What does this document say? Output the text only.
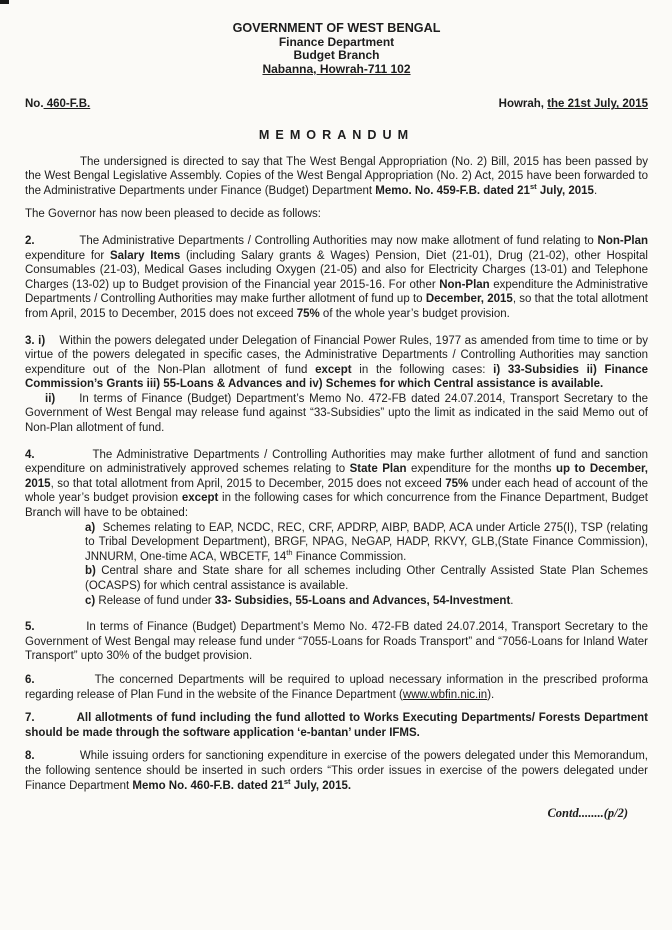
GOVERNMENT OF WEST BENGAL
Finance Department
Budget Branch
Nabanna, Howrah-711 102
No. 460-F.B.	Howrah, the 21st July, 2015
MEMORANDUM

The undersigned is directed to say that The West Bengal Appropriation (No. 2) Bill, 2015 has been passed by the West Bengal Legislative Assembly. Copies of the West Bengal Appropriation (No. 2) Act, 2015 have been forwarded to the Administrative Departments under Finance (Budget) Department Memo. No. 459-F.B. dated 21st July, 2015.

The Governor has now been pleased to decide as follows:

2.            The Administrative Departments / Controlling Authorities may now make allotment of fund relating to Non-Plan expenditure for Salary Items (including Salary grants & Wages) Pension, Diet (21-01), Drug (21-02), other Hospital Consumables (21-03), Medical Gases including Oxygen (21-05) and also for Electricity Charges (13-01) and Telephone Charges (13-02) up to Budget provision of the Financial year 2015-16. For other Non-Plan expenditure the Administrative Departments / Controlling Authorities may make further allotment of fund up to December, 2015, so that the total allotment from April, 2015 to December, 2015 does not exceed 75% of the whole year’s budget provision.

3. i)    Within the powers delegated under Delegation of Financial Power Rules, 1977 as amended from time to time or by virtue of the powers delegated in specific cases, the Administrative Departments / Controlling Authorities may sanction expenditure out of the Non-Plan allotment of fund except in the following cases: i) 33-Subsidies ii) Finance Commission’s Grants iii) 55-Loans & Advances and iv) Schemes for which Central assistance is available.

ii)     In terms of Finance (Budget) Department’s Memo No. 472-FB dated 24.07.2014, Transport Secretary to the Government of West Bengal may release fund against “33-Subsidies” upto the limit as indicated in the said Memo out of Non-Plan allotment of fund.

4.            The Administrative Departments / Controlling Authorities may make further allotment of fund and sanction expenditure on administratively approved schemes relating to State Plan expenditure for the months up to December, 2015, so that total allotment from April, 2015 to December, 2015 does not exceed 75% under each head of account of the whole year’s budget provision except in the following cases for which concurrence from the Finance Department, Budget Branch will have to be obtained:

a)  Schemes relating to EAP, NCDC, REC, CRF, APDRP, AIBP, BADP, ACA under Article 275(I), TSP (relating to Tribal Development Department), BRGF, NPAG, NeGAP, HADP, RKVY, GLB,(State Finance Commission), JNNURM, One-time ACA, WBCETF, 14th Finance Commission.

b) Central share and State share for all schemes including Other Centrally Assisted State Plan Schemes (OCASPS) for which central assistance is available.

c) Release of fund under 33- Subsidies, 55-Loans and Advances, 54-Investment.

5.            In terms of Finance (Budget) Department’s Memo No. 472-FB dated 24.07.2014, Transport Secretary to the Government of West Bengal may release fund under “7055-Loans for Roads Transport” and “7056-Loans for Inland Water Transport” upto 30% of the budget provision.

6.            The concerned Departments will be required to upload necessary information in the prescribed proforma regarding release of Plan Fund in the website of the Finance Department (www.wbfin.nic.in).

7.           All allotments of fund including the fund allotted to Works Executing Departments/ Forests Department should be made through the software application ‘e-bantan’ under IFMS.

8.            While issuing orders for sanctioning expenditure in exercise of the powers delegated under this Memorandum, the following sentence should be inserted in such orders “This order issues in exercise of the powers delegated under Finance Department Memo No. 460-F.B. dated 21st July, 2015.

Contd........(p/2)
